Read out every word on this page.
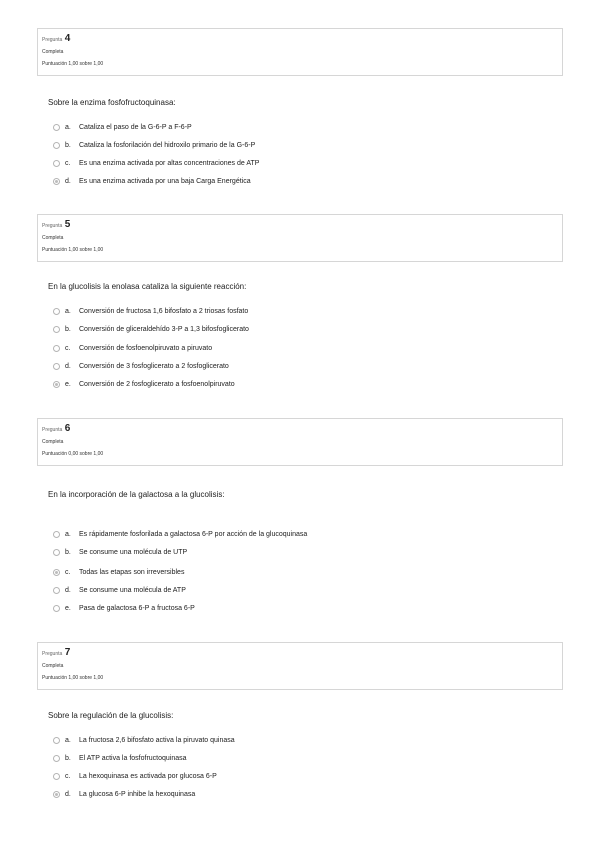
Pregunta 4
Completa
Puntuación 1,00 sobre 1,00
Sobre la enzima fosfofructoquinasa:
a.	Cataliza el paso de la G-6-P a F-6-P
b.	Cataliza la fosforilación del hidroxilo primario de la G-6-P
c.	Es una enzima activada por altas concentraciones de ATP
d.	Es una enzima activada por una baja Carga Energética
Pregunta 5
Completa
Puntuación 1,00 sobre 1,00
En la glucolisis la enolasa cataliza la siguiente reacción:
a.	Conversión de fructosa 1,6 bifosfato a 2 triosas fosfato
b.	Conversión de gliceraldehído 3-P a 1,3 bifosfoglicerato
c.	Conversión de fosfoenolpiruvato a piruvato
d.	Conversión de 3 fosfoglicerato a 2 fosfoglicerato
e.	Conversión de 2 fosfoglicerato a fosfoenolpiruvato
Pregunta 6
Completa
Puntuación 0,00 sobre 1,00
En la incorporación de la galactosa a la glucolisis:
a.	Es rápidamente fosforilada a galactosa 6-P por acción de la glucoquinasa
b.	Se consume una molécula de UTP
c.	Todas las etapas son irreversibles
d.	Se consume una molécula de ATP
e.	Pasa de galactosa 6-P a fructosa 6-P
Pregunta 7
Completa
Puntuación 1,00 sobre 1,00
Sobre la regulación de la glucolisis:
a.	La fructosa 2,6 bifosfato activa la piruvato quinasa
b.	El ATP activa la fosfofructoquinasa
c.	La hexoquinasa es activada por glucosa 6-P
d.	La glucosa 6-P inhibe la hexoquinasa
